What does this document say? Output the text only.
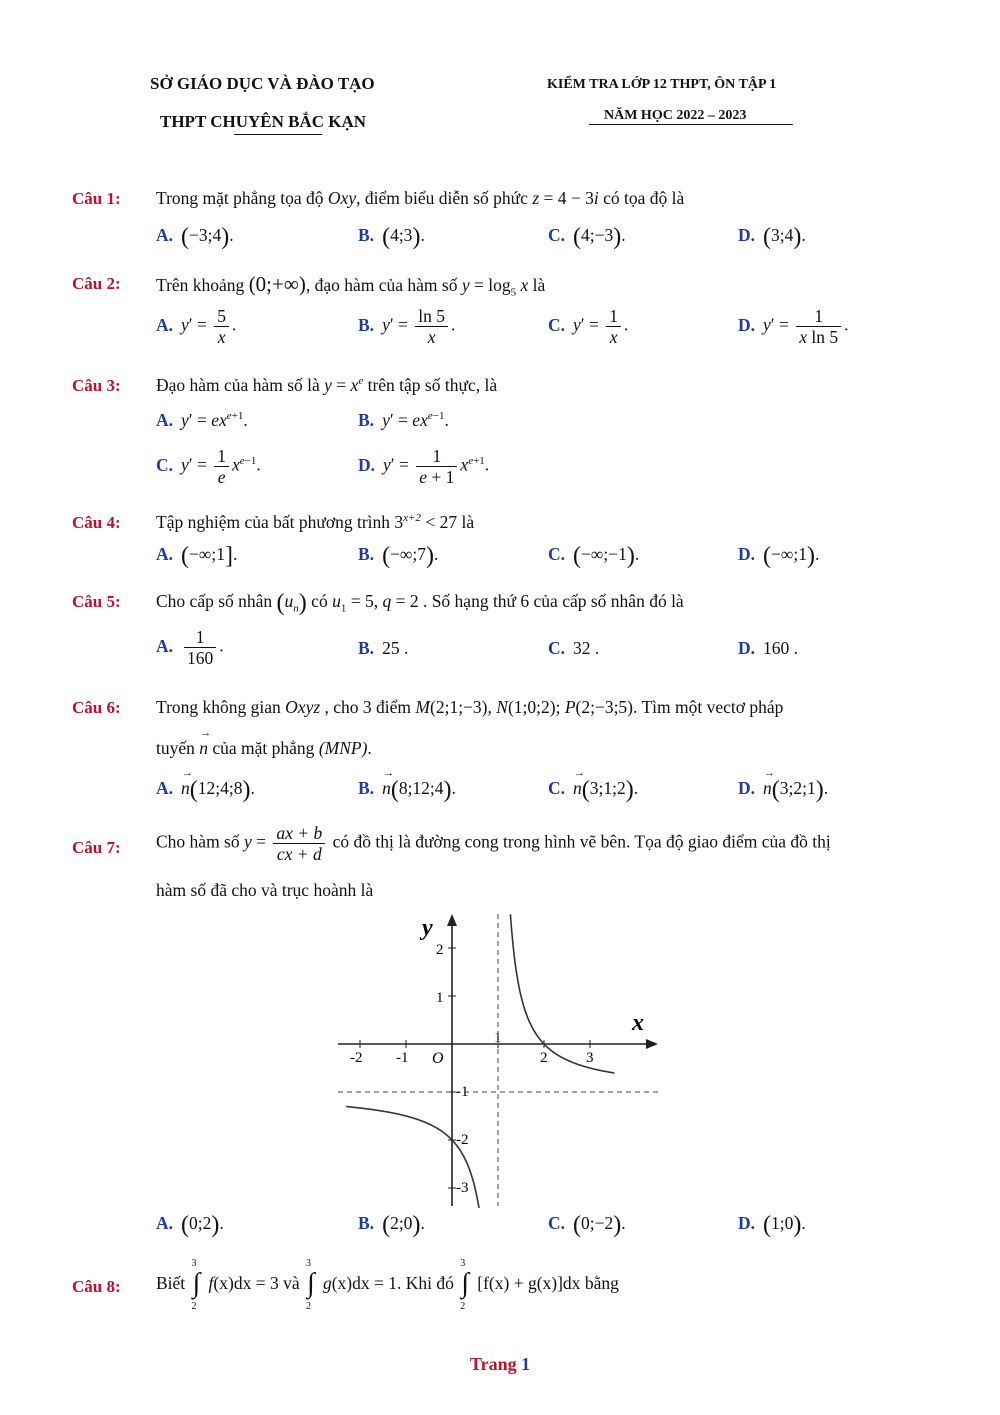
SỞ GIÁO DỤC VÀ ĐÀO TẠO
THPT CHUYÊN BẮC KẠN
KIỂM TRA LỚP 12 THPT, ÔN TẬP 1
NĂM HỌC 2022 – 2023
Câu 1: Trong mặt phẳng tọa độ Oxy, điểm biểu diễn số phức z = 4 − 3i có tọa độ là
A. (−3;4).	B. (4;3).	C. (4;−3).	D. (3;4).
Câu 2: Trên khoảng (0;+∞), đạo hàm của hàm số $y = \log_5 x$ là
A. $y' = \frac{5}{x}$ .	B. $y' = \frac{\ln 5}{x}$ .	C. $y' = \frac{1}{x}$ .	D. $y' = \frac{1}{\text{x ln 5}}$ .
Câu 3: Đạo hàm của hàm số là $y = x^e$ trên tập số thực, là
A. $y' = ex^{e+1}$.	B. $y' = ex^{e-1}$.
C. $y' = \frac{1}{e} x^{e-1}$.	D. $y' = \frac{1}{e + 1} x^{e+1}$.
Câu 4: Tập nghiệm của bất phương trình $3^{x+2} < 27$ là
A. (−∞;1].	B. (−∞;7).	C. (−∞;−1).	D. (−∞;1).
Câu 5: Cho cấp số nhân $(u_n)$ có $u_1 = 5$, q = 2 . Số hạng thứ 6 của cấp số nhân đó là
A. $\frac{1}{160}$ .	B. 25 .	C. 32 .	D. 160 .
Câu 6: Trong không gian Oxyz , cho 3 điểm M(2;1;−3), N(1;0;2); P(2;−3;5). Tìm một vectơ pháp
tuyến → n của mặt phẳng (MNP).
A. → n(12;4;8).	B. → n(8;12;4).	C. → n(3;1;2).	D. → n(3;2;1).
Câu 7: Cho hàm số $y = \frac{ax + b}{cx + d}$ có đồ thị là đường cong trong hình vẽ bên. Tọa độ giao điểm của đồ thị
hàm số đã cho và trục hoành là
-2 -1
1
2	3
2
1
-1
-2
-3
x
y
O
A. (0;2).	B. (2;0).	C. (0;−2).	D. (1;0).
Câu 8: Biết ∫
3
2
f(x)dx = 3 và ∫
3
2
g(x)dx = 1. Khi đó ∫
3
2
[f(x) + g(x)]dx bằng
Trang 1
